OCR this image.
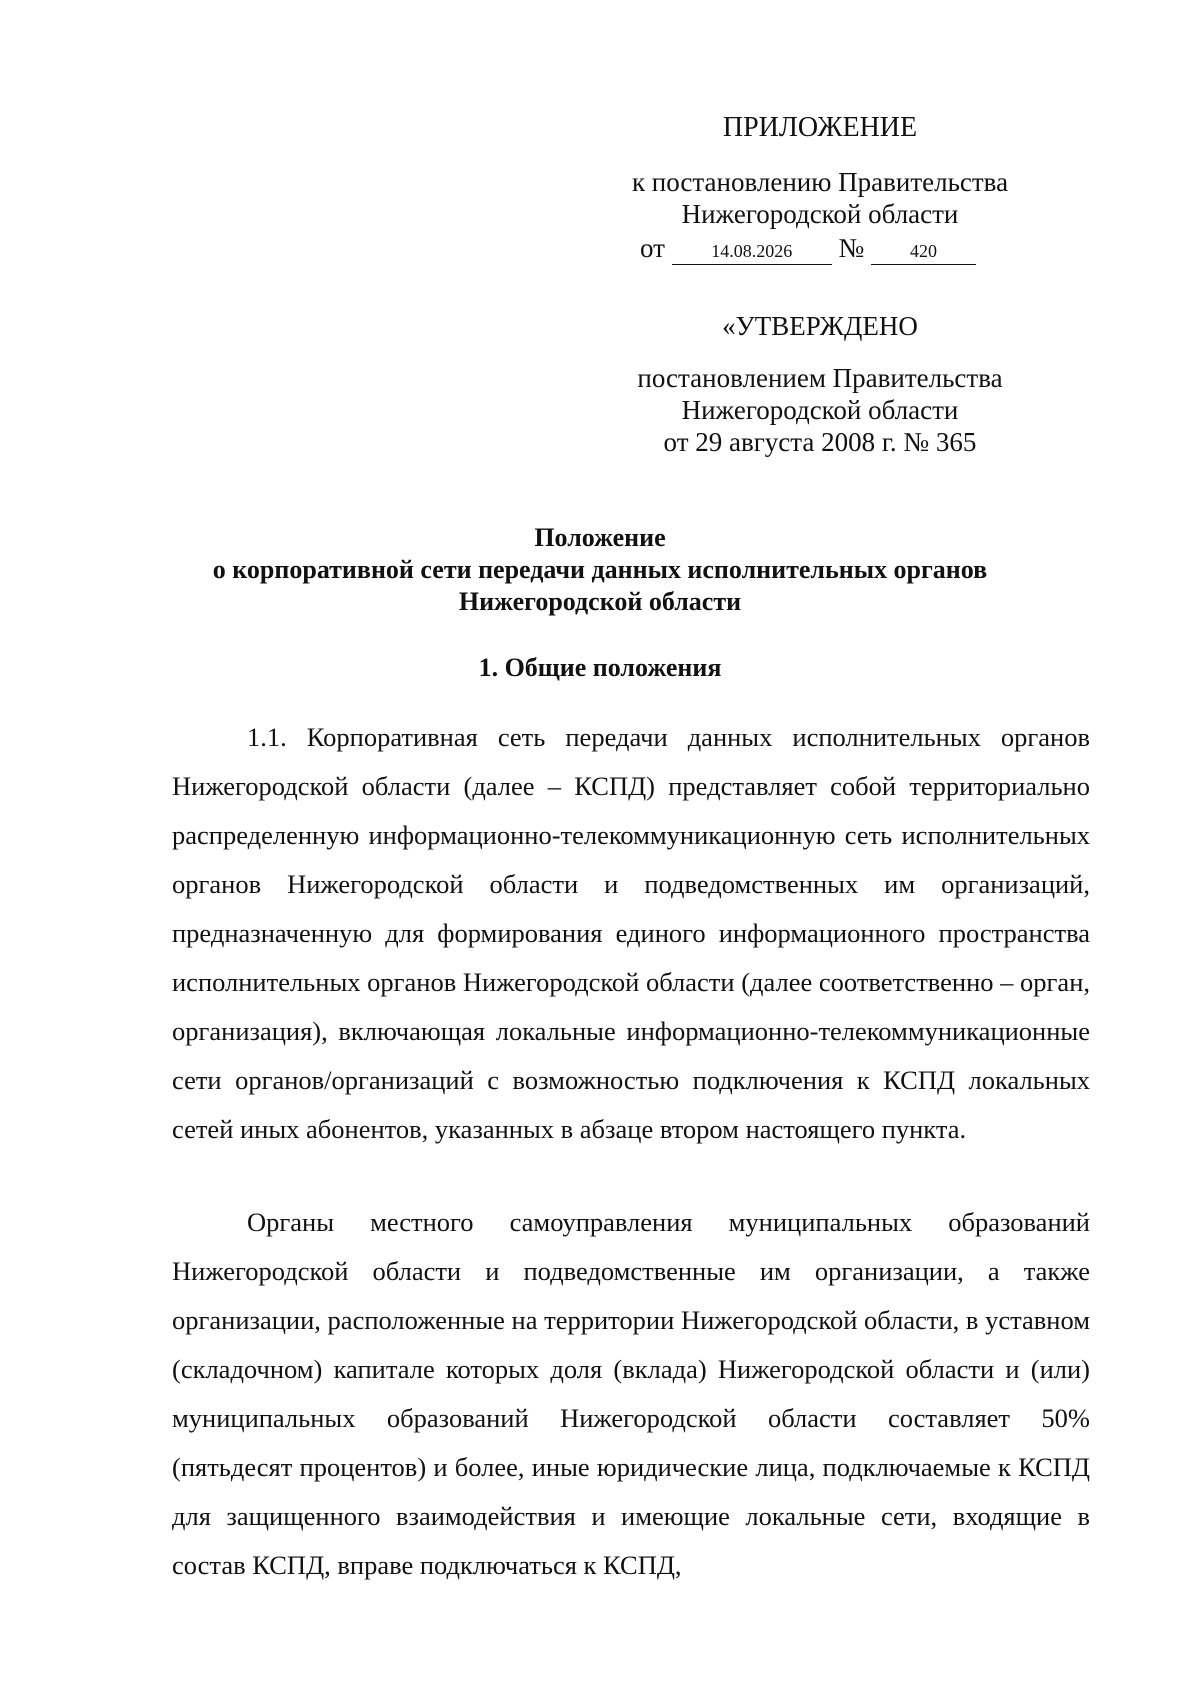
ПРИЛОЖЕНИЕ
к постановлению Правительства
Нижегородской области
от	14.08.2026 №	420
«УТВЕРЖДЕНО
постановлением Правительства
Нижегородской области
от 29 августа 2008 г. № 365
Положение
о корпоративной сети передачи данных исполнительных органов
Нижегородской области
1. Общие положения

1.1. Корпоративная сеть передачи данных исполнительных органов Нижегородской области (далее – КСПД) представляет собой территориально распределенную информационно-телекоммуникационную сеть исполнительных органов Нижегородской области и подведомственных им организаций, предназначенную для формирования единого информационного пространства исполнительных органов Нижегородской области (далее соответственно – орган, организация), включающая локальные информационно-телекоммуникационные сети органов/организаций с возможностью подключения к КСПД локальных сетей иных абонентов, указанных в абзаце втором настоящего пункта.

Органы местного самоуправления муниципальных образований Нижегородской области и подведомственные им организации, а также организации, расположенные на территории Нижегородской области, в уставном (складочном) капитале которых доля (вклада) Нижегородской области и (или) муниципальных образований Нижегородской области составляет 50% (пятьдесят процентов) и более, иные юридические лица, подключаемые к КСПД для защищенного взаимодействия и имеющие локальные сети, входящие в состав КСПД, вправе подключаться к КСПД,
